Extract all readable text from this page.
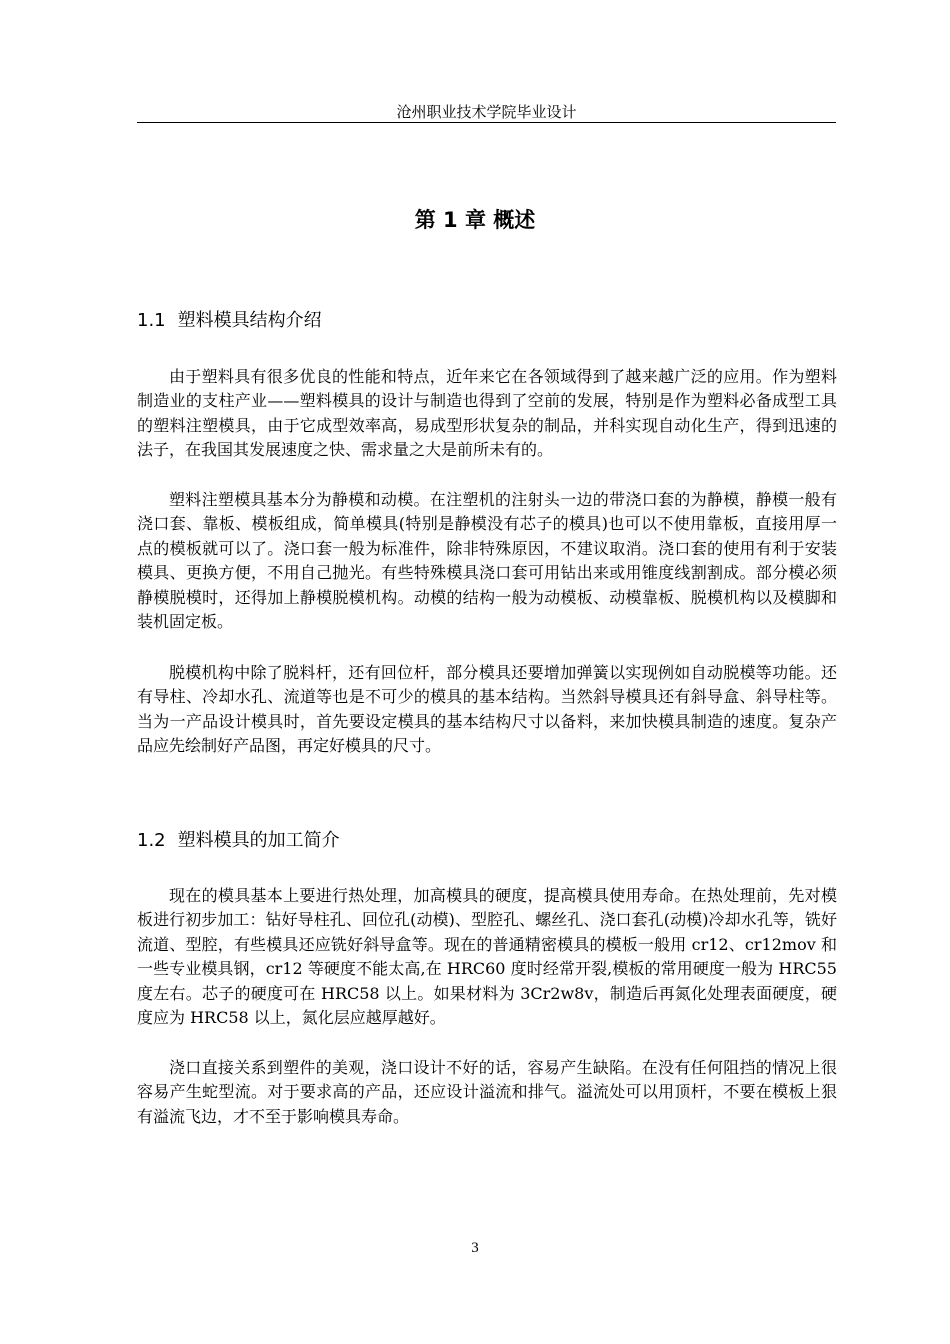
沧州职业技术学院毕业设计
第 1 章 概述
1.1 塑料模具结构介绍

由于塑料具有很多优良的性能和特点，近年来它在各领域得到了越来越广泛的应用。作为塑料制造业的支柱产业——塑料模具的设计与制造也得到了空前的发展，特别是作为塑料必备成型工具的塑料注塑模具，由于它成型效率高，易成型形状复杂的制品，并科实现自动化生产，得到迅速的法子，在我国其发展速度之快、需求量之大是前所未有的。

塑料注塑模具基本分为静模和动模。在注塑机的注射头一边的带浇口套的为静模，静模一般有浇口套、靠板、模板组成，简单模具(特别是静模没有芯子的模具)也可以不使用靠板，直接用厚一点的模板就可以了。浇口套一般为标准件，除非特殊原因，不建议取消。浇口套的使用有利于安装模具、更换方便，不用自己抛光。有些特殊模具浇口套可用钻出来或用锥度线割割成。部分模必须静模脱模时，还得加上静模脱模机构。动模的结构一般为动模板、动模靠板、脱模机构以及模脚和装机固定板。

脱模机构中除了脱料杆，还有回位杆，部分模具还要增加弹簧以实现例如自动脱模等功能。还有导柱、冷却水孔、流道等也是不可少的模具的基本结构。当然斜导模具还有斜导盒、斜导柱等。当为一产品设计模具时，首先要设定模具的基本结构尺寸以备料，来加快模具制造的速度。复杂产品应先绘制好产品图，再定好模具的尺寸。

1.2 塑料模具的加工简介

现在的模具基本上要进行热处理，加高模具的硬度，提高模具使用寿命。在热处理前，先对模板进行初步加工：钻好导柱孔、回位孔(动模)、型腔孔、螺丝孔、浇口套孔(动模)冷却水孔等，铣好流道、型腔，有些模具还应铣好斜导盒等。现在的普通精密模具的模板一般用 cr12、cr12mov 和一些专业模具钢，cr12 等硬度不能太高,在 HRC60 度时经常开裂,模板的常用硬度一般为 HRC55 度左右。芯子的硬度可在 HRC58 以上。如果材料为 3Cr2w8v，制造后再氮化处理表面硬度，硬度应为 HRC58 以上，氮化层应越厚越好。

浇口直接关系到塑件的美观，浇口设计不好的话，容易产生缺陷。在没有任何阻挡的情况上很容易产生蛇型流。对于要求高的产品，还应设计溢流和排气。溢流处可以用顶杆，不要在模板上狠有溢流飞边，才不至于影响模具寿命。

3
